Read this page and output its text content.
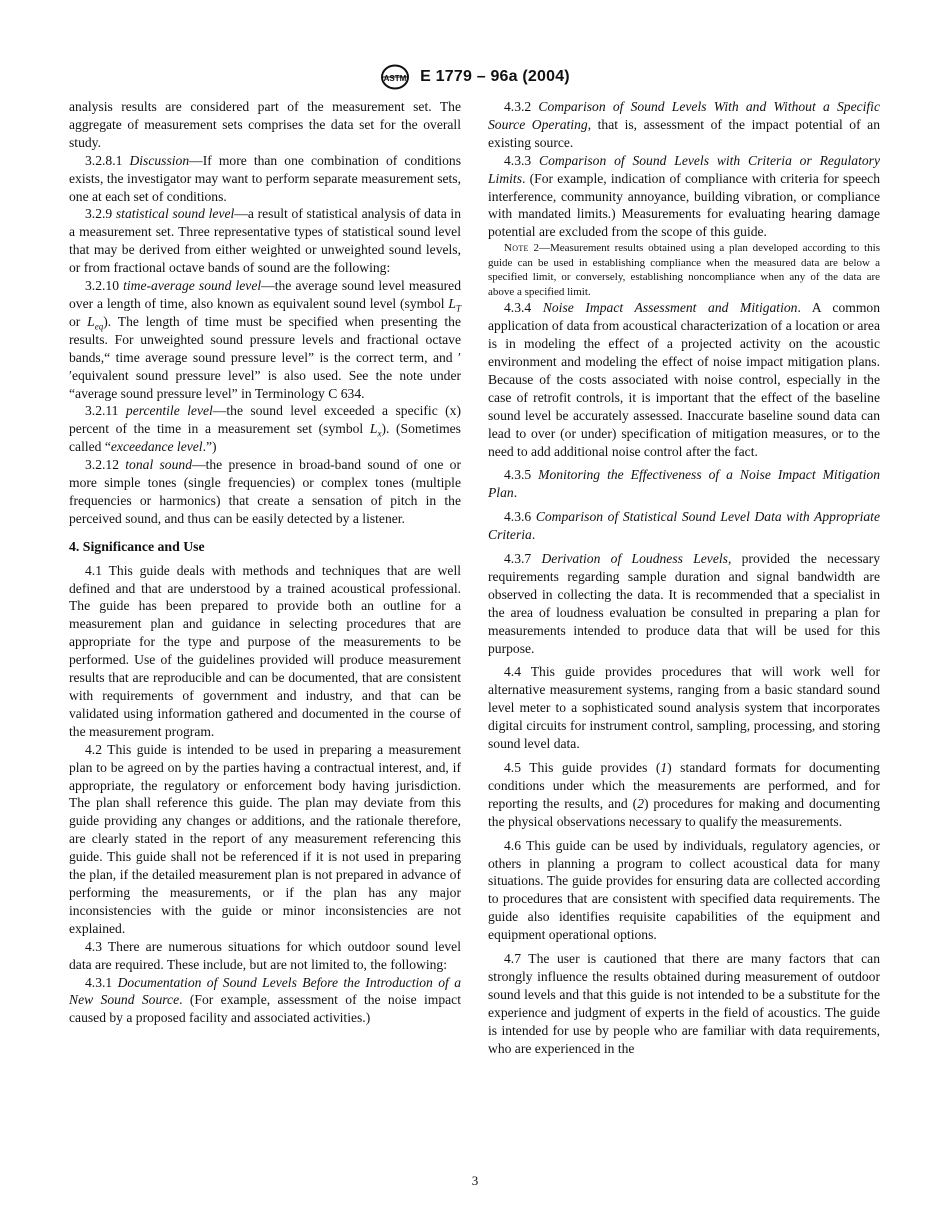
ASTM E 1779 – 96a (2004)

analysis results are considered part of the measurement set. The aggregate of measurement sets comprises the data set for the overall study.

3.2.8.1 Discussion—If more than one combination of conditions exists, the investigator may want to perform separate measurement sets, one at each set of conditions.

3.2.9 statistical sound level—a result of statistical analysis of data in a measurement set. Three representative types of statistical sound level that may be derived from either weighted or unweighted sound levels, or from fractional octave bands of sound are the following:

3.2.10 time-average sound level—the average sound level measured over a length of time, also known as equivalent sound level (symbol $L_T$ or $L_{eq}$). The length of time must be specified when presenting the results. For unweighted sound pressure levels and fractional octave bands,“ time average sound pressure level” is the correct term, and ′′equivalent sound pressure level” is also used. See the note under “average sound pressure level” in Terminology C 634.

3.2.11 percentile level—the sound level exceeded a specific (x) percent of the time in a measurement set (symbol $L_x$). (Sometimes called “exceedance level.”)

3.2.12 tonal sound—the presence in broad-band sound of one or more simple tones (single frequencies) or complex tones (multiple frequencies or harmonics) that create a sensation of pitch in the perceived sound, and thus can be easily detected by a listener.

4. Significance and Use

4.1 This guide deals with methods and techniques that are well defined and that are understood by a trained acoustical professional. The guide has been prepared to provide both an outline for a measurement plan and guidance in selecting procedures that are appropriate for the type and purpose of the measurements to be performed. Use of the guidelines provided will produce measurement results that are reproducible and can be documented, that are consistent with requirements of government and industry, and that can be validated using information gathered and documented in the course of the measurement program.

4.2 This guide is intended to be used in preparing a measurement plan to be agreed on by the parties having a contractual interest, and, if appropriate, the regulatory or enforcement body having jurisdiction. The plan shall reference this guide. The plan may deviate from this guide providing any changes or additions, and the rationale therefore, are clearly stated in the report of any measurement referencing this guide. This guide shall not be referenced if it is not used in preparing the plan, if the detailed measurement plan is not prepared in advance of performing the measurements, or if the plan has any major inconsistencies with the guide or minor inconsistencies are not explained.

4.3 There are numerous situations for which outdoor sound level data are required. These include, but are not limited to, the following:

4.3.1 Documentation of Sound Levels Before the Introduction of a New Sound Source. (For example, assessment of the noise impact caused by a proposed facility and associated activities.)

4.3.2 Comparison of Sound Levels With and Without a Specific Source Operating, that is, assessment of the impact potential of an existing source.

4.3.3 Comparison of Sound Levels with Criteria or Regulatory Limits. (For example, indication of compliance with criteria for speech interference, community annoyance, building vibration, or compliance with mandated limits.) Measurements for evaluating hearing damage potential are excluded from the scope of this guide.

Note 2—Measurement results obtained using a plan developed according to this guide can be used in establishing compliance when the measured data are below a specified limit, or conversely, establishing noncompliance when any of the data are above a specified limit.

4.3.4 Noise Impact Assessment and Mitigation. A common application of data from acoustical characterization of a location or area is in modeling the effect of a projected activity on the acoustic environment and modeling the effect of noise impact mitigation plans. Because of the costs associated with noise control, especially in the case of retrofit controls, it is important that the effect of the baseline sound level be accurately assessed. Inaccurate baseline sound data can lead to over (or under) specification of mitigation measures, or to the need to add additional noise control after the fact.

4.3.5 Monitoring the Effectiveness of a Noise Impact Mitigation Plan.

4.3.6 Comparison of Statistical Sound Level Data with Appropriate Criteria.

4.3.7 Derivation of Loudness Levels, provided the necessary requirements regarding sample duration and signal bandwidth are observed in collecting the data. It is recommended that a specialist in the area of loudness evaluation be consulted in preparing a plan for measurements intended to produce data that will be used for this purpose.

4.4 This guide provides procedures that will work well for alternative measurement systems, ranging from a basic standard sound level meter to a sophisticated sound analysis system that incorporates digital circuits for instrument control, sampling, processing, and storing sound level data.

4.5 This guide provides (1) standard formats for documenting conditions under which the measurements are performed, and for reporting the results, and (2) procedures for making and documenting the physical observations necessary to qualify the measurements.

4.6 This guide can be used by individuals, regulatory agencies, or others in planning a program to collect acoustical data for many situations. The guide provides for ensuring data are collected according to procedures that are consistent with specified data requirements. The guide also identifies requisite capabilities of the equipment and equipment operational options.

4.7 The user is cautioned that there are many factors that can strongly influence the results obtained during measurement of outdoor sound levels and that this guide is not intended to be a substitute for the experience and judgment of experts in the field of acoustics. The guide is intended for use by people who are familiar with data requirements, who are experienced in the

3
